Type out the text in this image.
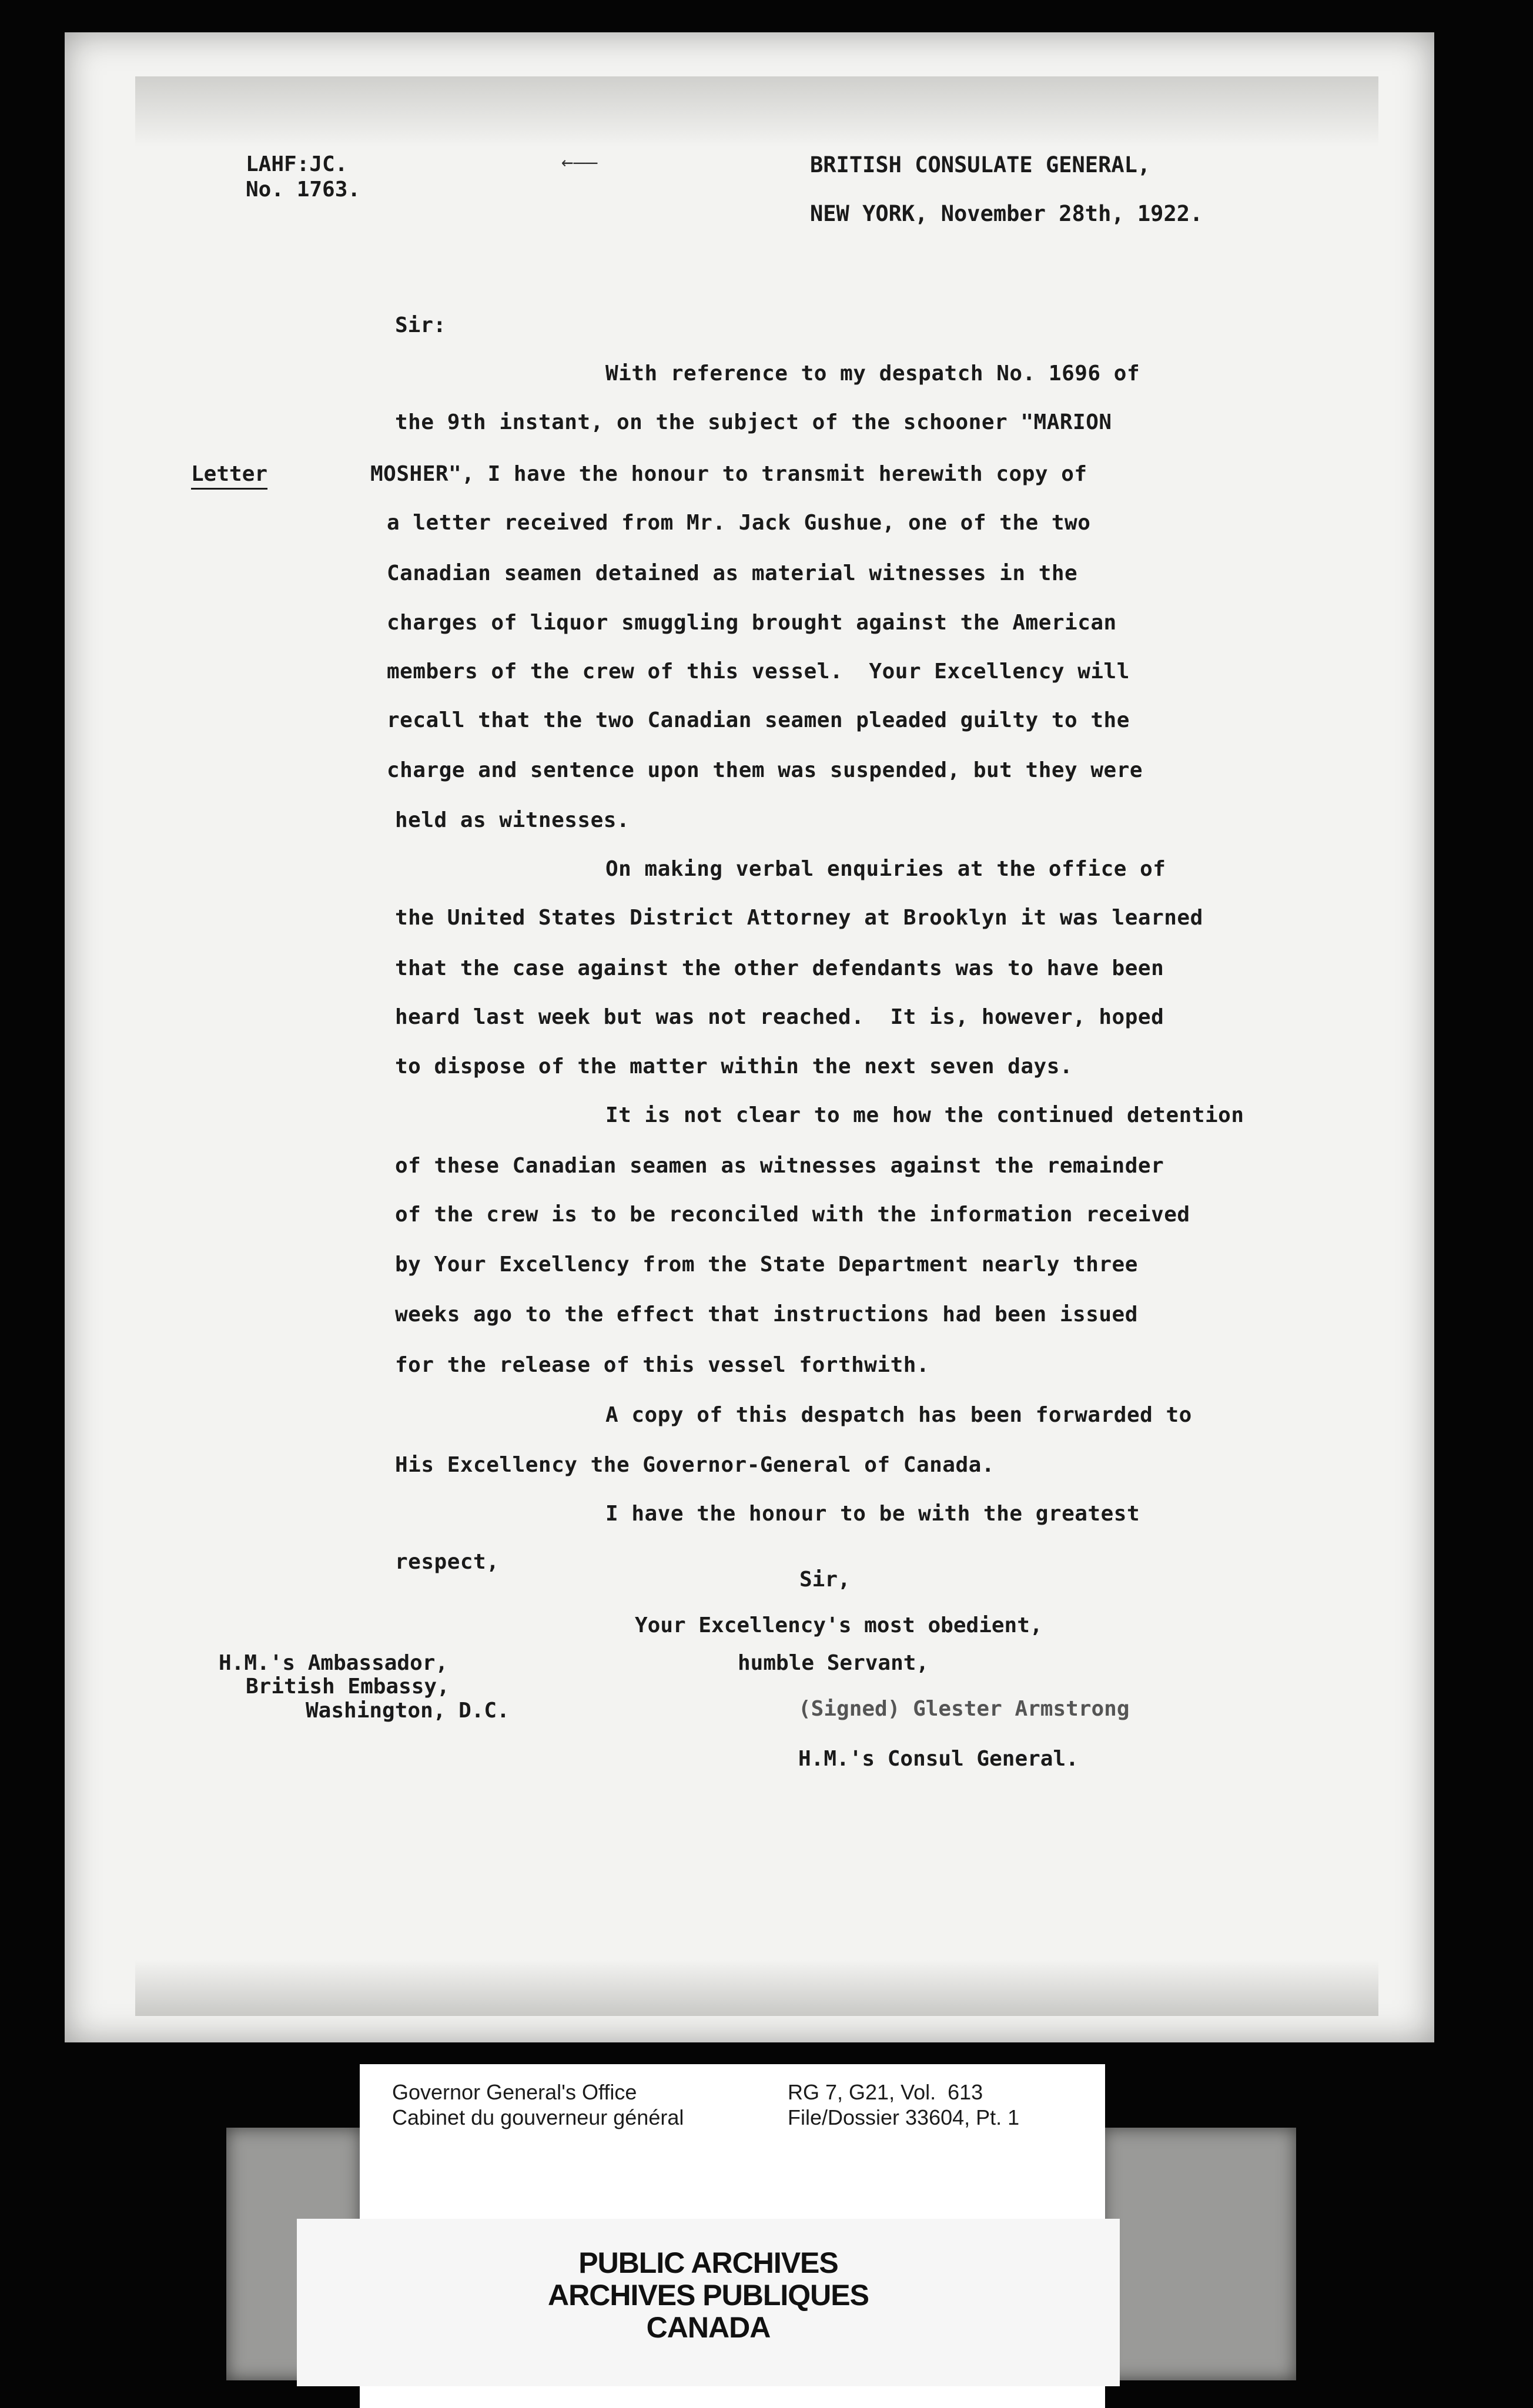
LAHF:JC.
No. 1763.
←——	BRITISH CONSULATE GENERAL,
NEW YORK, November 28th, 1922.
Sir:
Letter
With reference to my despatch No. 1696 of
the 9th instant, on the subject of the schooner "MARION
MOSHER", I have the honour to transmit herewith copy of
a letter received from Mr. Jack Gushue, one of the two
Canadian seamen detained as material witnesses in the
charges of liquor smuggling brought against the American
members of the crew of this vessel.  Your Excellency will
recall that the two Canadian seamen pleaded guilty to the
charge and sentence upon them was suspended, but they were
held as witnesses.
On making verbal enquiries at the office of
the United States District Attorney at Brooklyn it was learned
that the case against the other defendants was to have been
heard last week but was not reached.  It is, however, hoped
to dispose of the matter within the next seven days.
It is not clear to me how the continued detention
of these Canadian seamen as witnesses against the remainder
of the crew is to be reconciled with the information received
by Your Excellency from the State Department nearly three
weeks ago to the effect that instructions had been issued
for the release of this vessel forthwith.
A copy of this despatch has been forwarded to
His Excellency the Governor-General of Canada.
I have the honour to be with the greatest
respect,
Sir,
Your Excellency's most obedient,
humble Servant,
(Signed) Glester Armstrong
H.M.'s Consul General.
H.M.'s Ambassador,
British Embassy,
Washington, D.C.
Governor General's Office
Cabinet du gouverneur général
RG 7, G21, Vol.  613
File/Dossier 33604, Pt. 1
PUBLIC ARCHIVES
ARCHIVES PUBLIQUES
CANADA
